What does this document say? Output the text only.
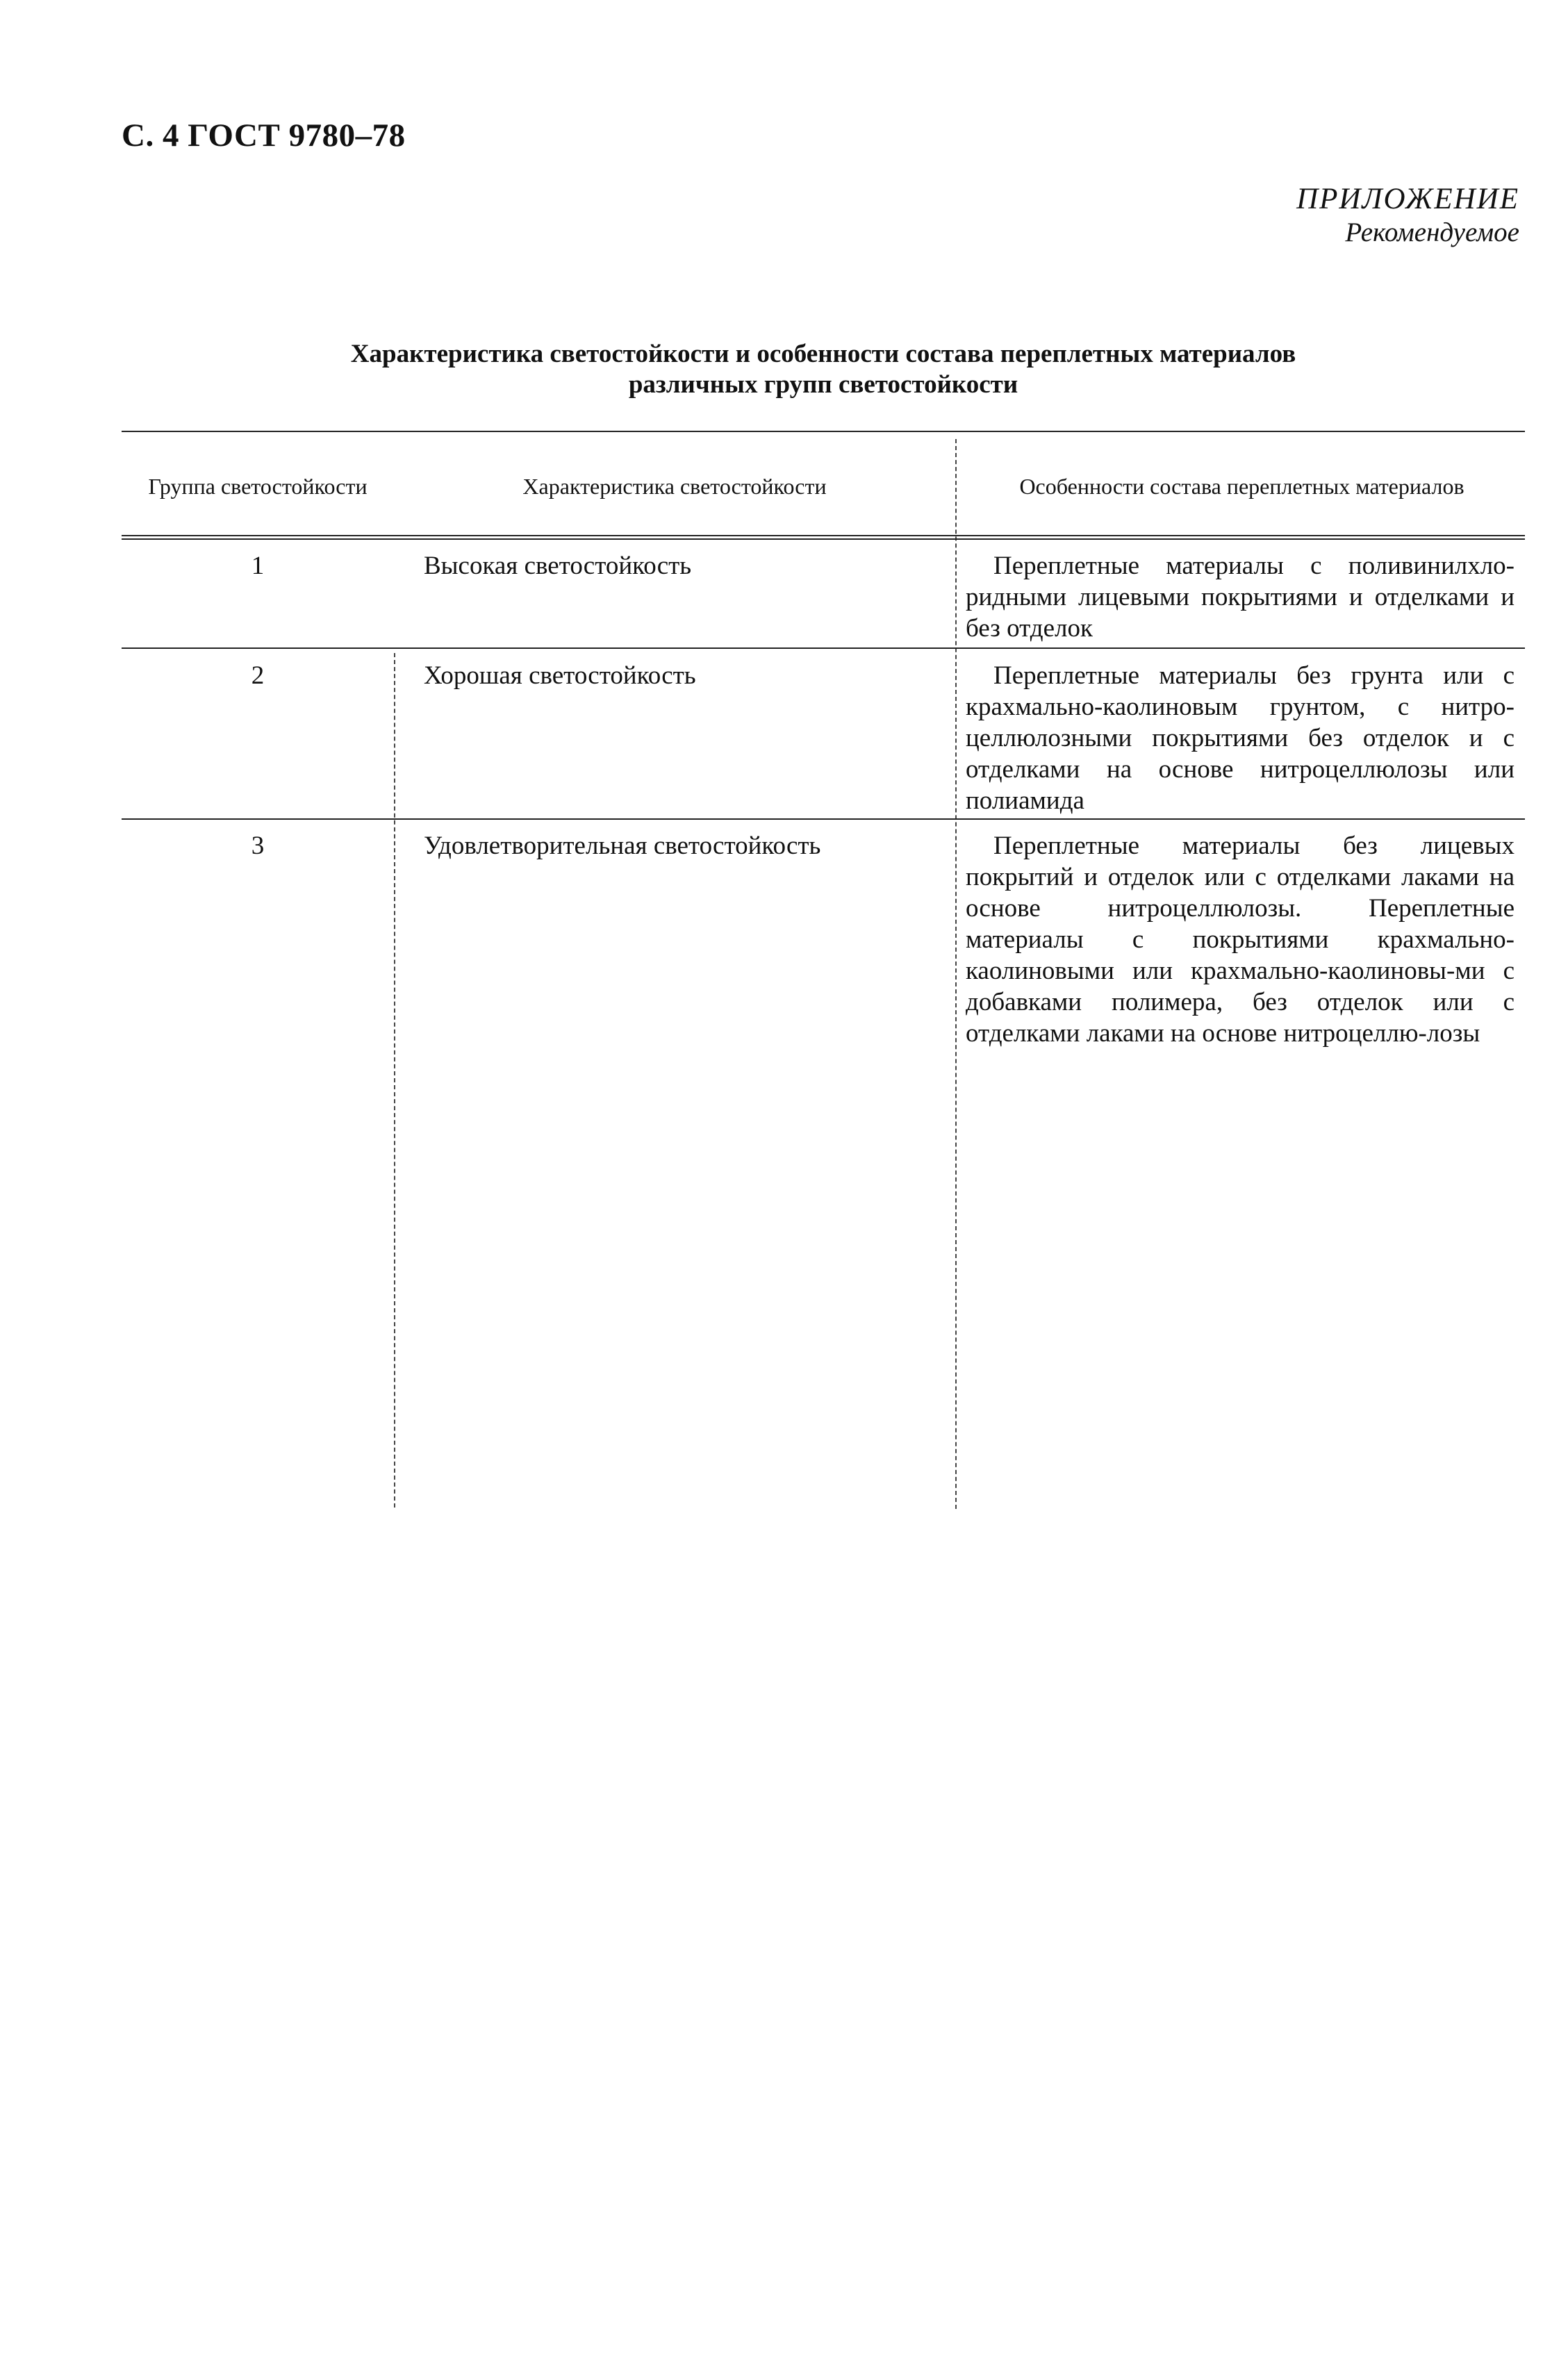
С. 4 ГОСТ 9780–78
ПРИЛОЖЕНИЕ
Рекомендуемое
Характеристика светостойкости и особенности состава переплетных материалов
различных групп светостойкости
Группа светостойкости	Характеристика светостойкости	Особенности состава переплетных материалов
1	Высокая светостойкость	Переплетные материалы с поливинилхло-ридными лицевыми покрытиями и отделками и без отделок
2	Хорошая светостойкость	Переплетные материалы без грунта или с крахмально-каолиновым грунтом, с нитро-целлюлозными покрытиями без отделок и с отделками на основе нитроцеллюлозы или полиамида
3	Удовлетворительная светостойкость	Переплетные материалы без лицевых покрытий и отделок или с отделками лаками на основе нитроцеллюлозы. Переплетные материалы с покрытиями крахмально-каолиновыми или крахмально-каолиновы-ми с добавками полимера, без отделок или с отделками лаками на основе нитроцеллю-лозы
